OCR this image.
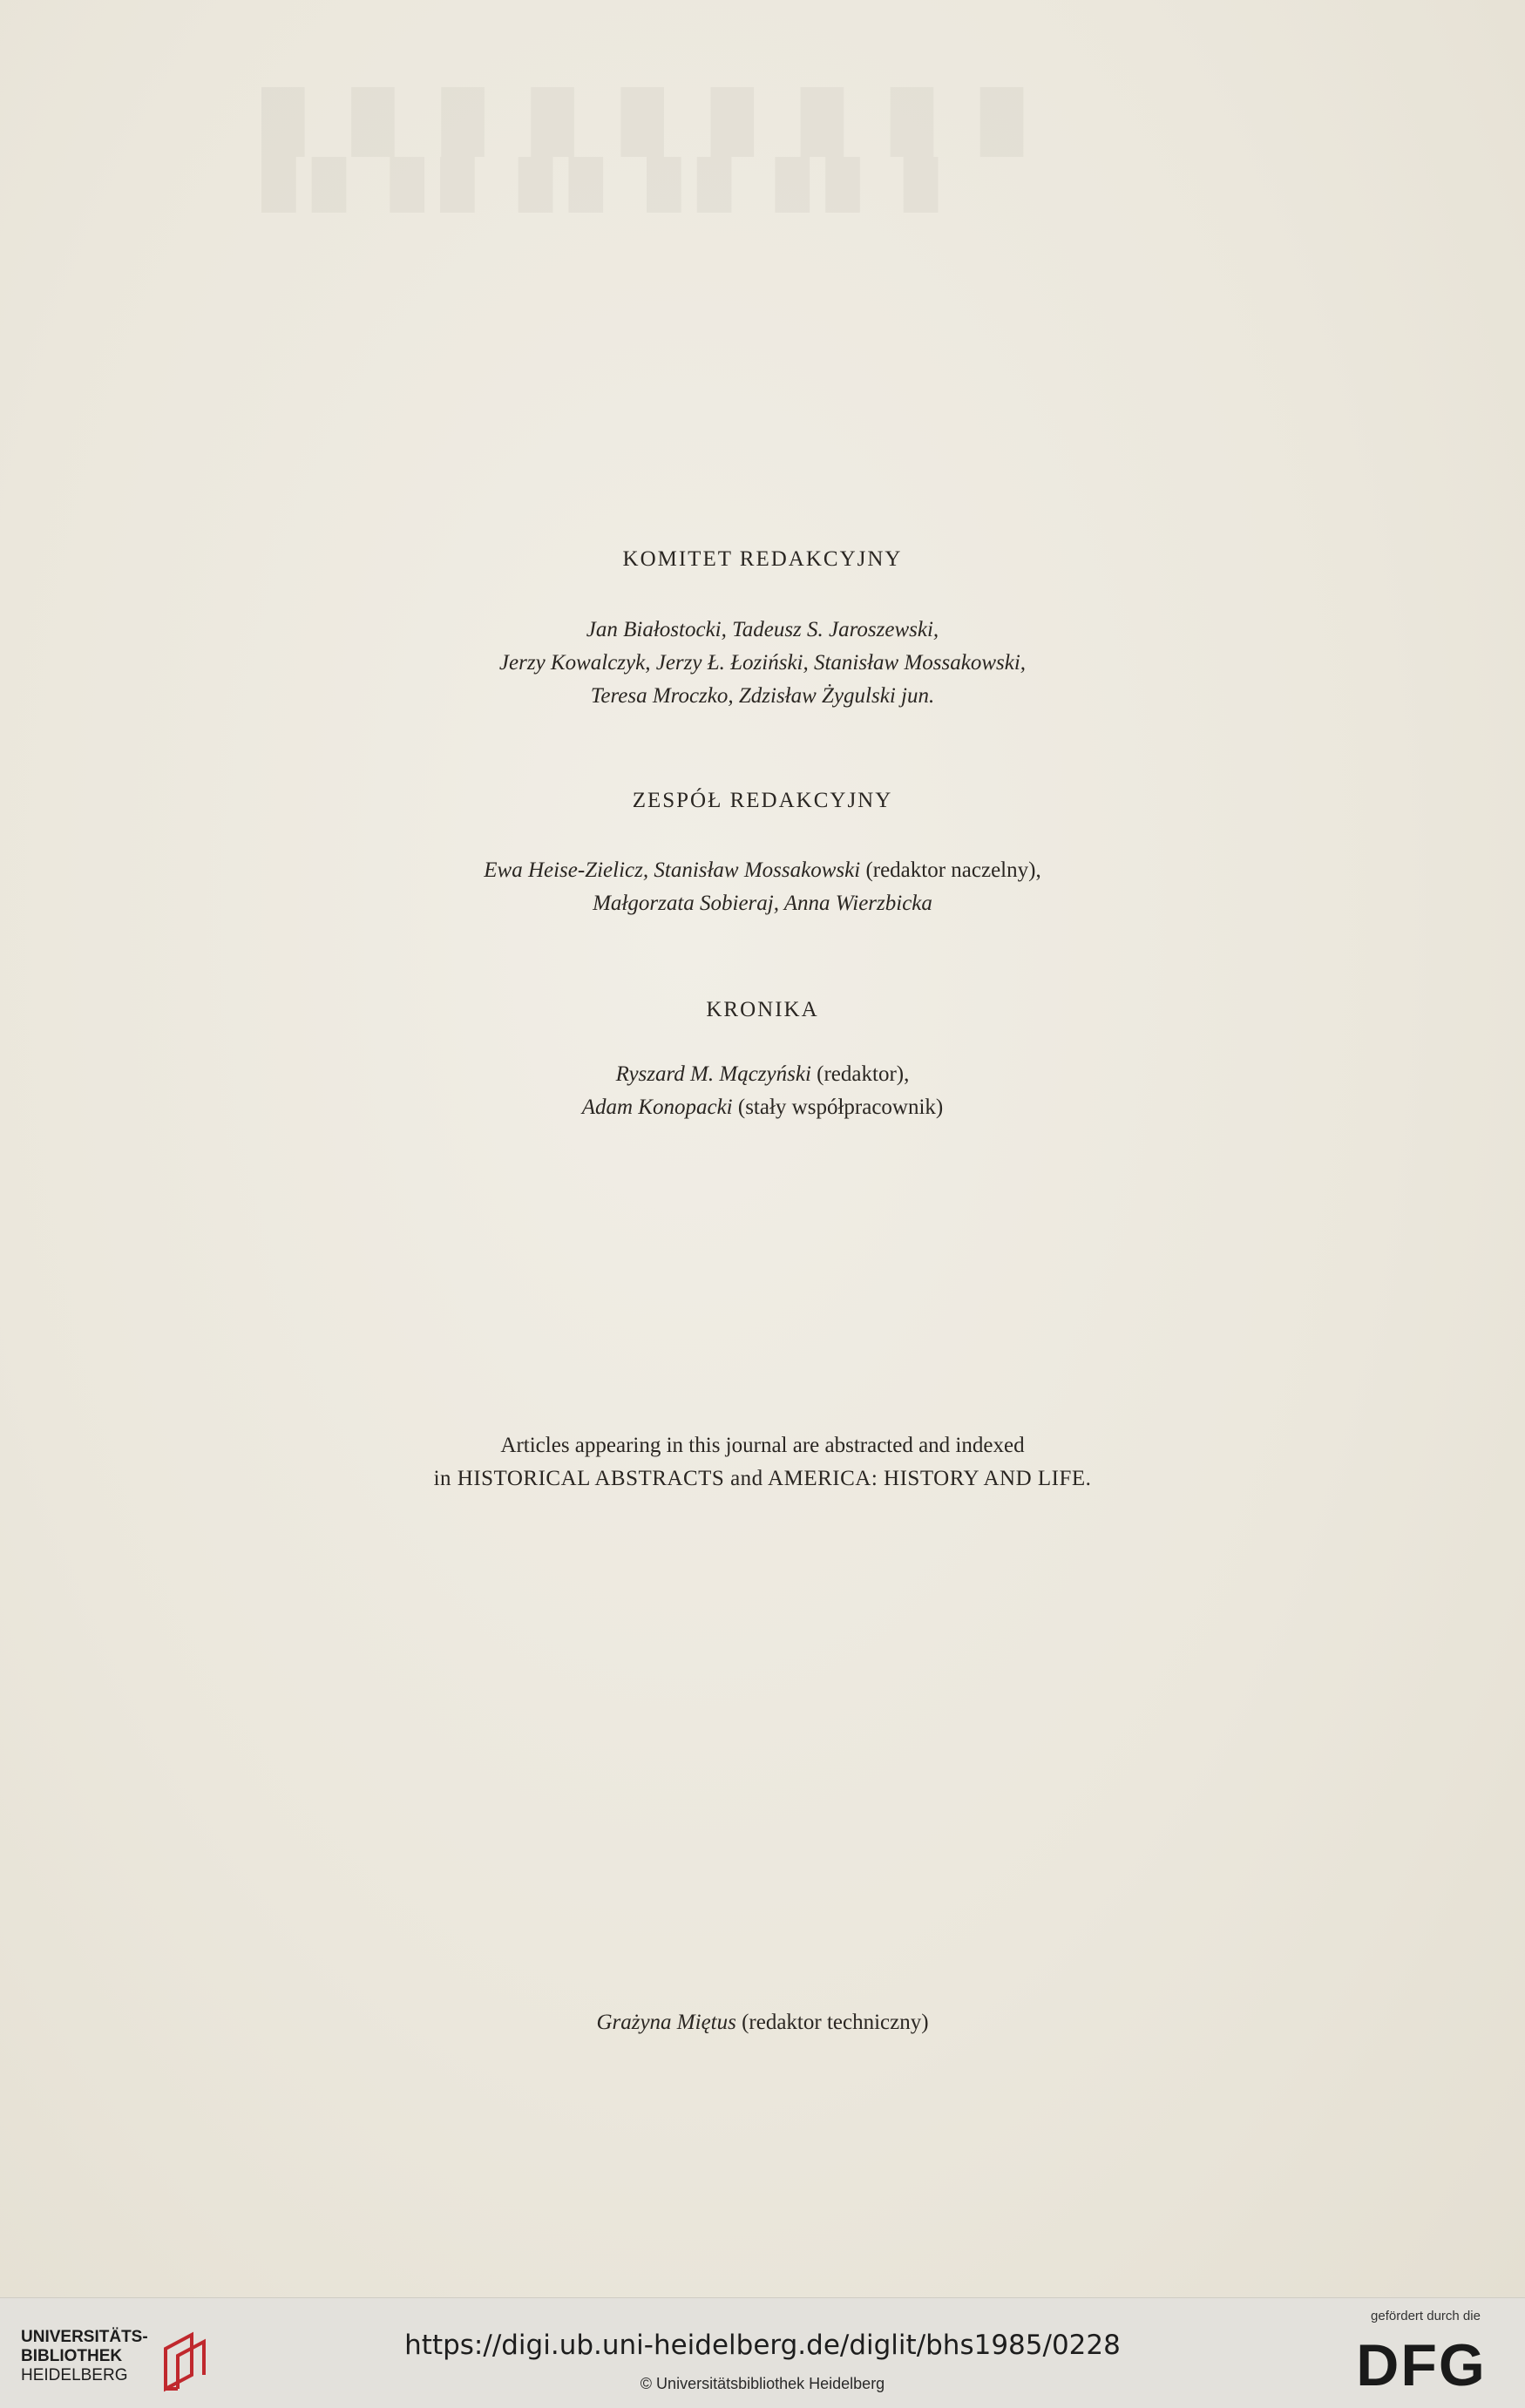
█ █ █ █ █ █ █ █ █
██ ██ ██ ██ ██ █
KOMITET REDAKCYJNY
Jan Białostocki, Tadeusz S. Jaroszewski,
Jerzy Kowalczyk, Jerzy Ł. Łoziński, Stanisław Mossakowski,
Teresa Mroczko, Zdzisław Żygulski jun.
ZESPÓŁ REDAKCYJNY
Ewa Heise-Zielicz, Stanisław Mossakowski (redaktor naczelny),
Małgorzata Sobieraj, Anna Wierzbicka
KRONIKA
Ryszard M. Mączyński (redaktor),
Adam Konopacki (stały współpracownik)
Articles appearing in this journal are abstracted and indexed
in HISTORICAL ABSTRACTS and AMERICA: HISTORY AND LIFE.
Grażyna Miętus (redaktor techniczny)
UNIVERSITÄTS-
BIBLIOTHEK
HEIDELBERG
https://digi.ub.uni-heidelberg.de/diglit/bhs1985/0228
© Universitätsbibliothek Heidelberg
gefördert durch die
DFG
